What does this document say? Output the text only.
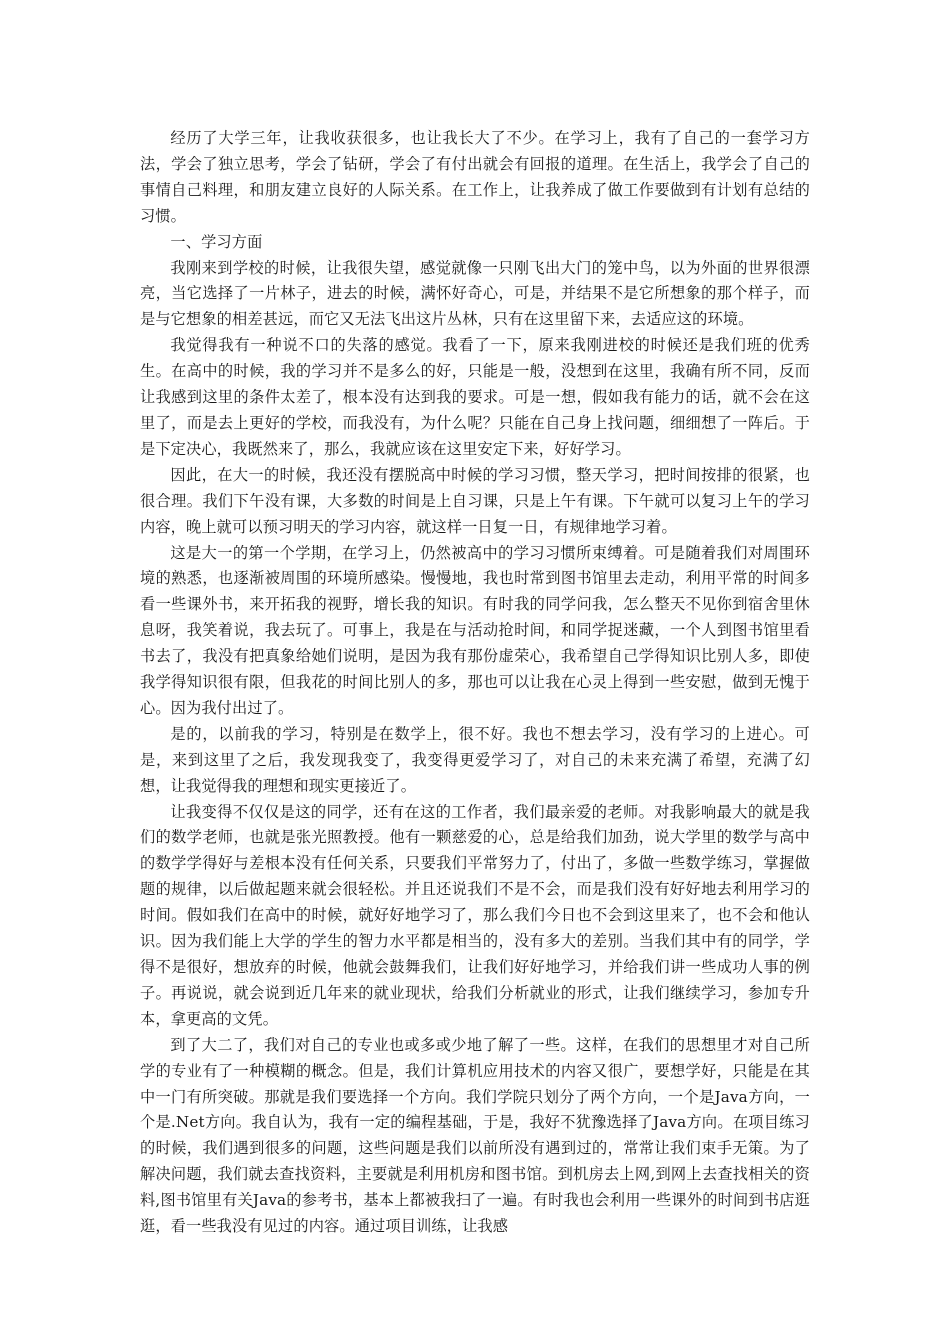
经历了大学三年，让我收获很多，也让我长大了不少。在学习上，我有了自己的一套学习方法，学会了独立思考，学会了钻研，学会了有付出就会有回报的道理。在生活上，我学会了自己的事情自己料理，和朋友建立良好的人际关系。在工作上，让我养成了做工作要做到有计划有总结的习惯。

一、学习方面

我刚来到学校的时候，让我很失望，感觉就像一只刚飞出大门的笼中鸟，以为外面的世界很漂亮，当它选择了一片林子，进去的时候，满怀好奇心，可是，并结果不是它所想象的那个样子，而是与它想象的相差甚远，而它又无法飞出这片丛林，只有在这里留下来，去适应这的环境。

我觉得我有一种说不口的失落的感觉。我看了一下，原来我刚进校的时候还是我们班的优秀生。在高中的时候，我的学习并不是多么的好，只能是一般，没想到在这里，我确有所不同，反而让我感到这里的条件太差了，根本没有达到我的要求。可是一想，假如我有能力的话，就不会在这里了，而是去上更好的学校，而我没有，为什么呢？只能在自己身上找问题，细细想了一阵后。于是下定决心，我既然来了，那么，我就应该在这里安定下来，好好学习。

因此，在大一的时候，我还没有摆脱高中时候的学习习惯，整天学习，把时间按排的很紧，也很合理。我们下午没有课，大多数的时间是上自习课，只是上午有课。下午就可以复习上午的学习内容，晚上就可以预习明天的学习内容，就这样一日复一日，有规律地学习着。

这是大一的第一个学期，在学习上，仍然被高中的学习习惯所束缚着。可是随着我们对周围环境的熟悉，也逐渐被周围的环境所感染。慢慢地，我也时常到图书馆里去走动，利用平常的时间多看一些课外书，来开拓我的视野，增长我的知识。有时我的同学问我，怎么整天不见你到宿舍里休息呀，我笑着说，我去玩了。可事上，我是在与活动抢时间，和同学捉迷藏，一个人到图书馆里看书去了，我没有把真象给她们说明，是因为我有那份虚荣心，我希望自己学得知识比别人多，即使我学得知识很有限，但我花的时间比别人的多，那也可以让我在心灵上得到一些安慰，做到无愧于心。因为我付出过了。

是的，以前我的学习，特别是在数学上，很不好。我也不想去学习，没有学习的上进心。可是，来到这里了之后，我发现我变了，我变得更爱学习了，对自己的未来充满了希望，充满了幻想，让我觉得我的理想和现实更接近了。

让我变得不仅仅是这的同学，还有在这的工作者，我们最亲爱的老师。对我影响最大的就是我们的数学老师，也就是张光照教授。他有一颗慈爱的心，总是给我们加劲，说大学里的数学与高中的数学学得好与差根本没有任何关系，只要我们平常努力了，付出了，多做一些数学练习，掌握做题的规律，以后做起题来就会很轻松。并且还说我们不是不会，而是我们没有好好地去利用学习的时间。假如我们在高中的时候，就好好地学习了，那么我们今日也不会到这里来了，也不会和他认识。因为我们能上大学的学生的智力水平都是相当的，没有多大的差别。当我们其中有的同学，学得不是很好，想放弃的时候，他就会鼓舞我们，让我们好好地学习，并给我们讲一些成功人事的例子。再说说，就会说到近几年来的就业现状，给我们分析就业的形式，让我们继续学习，参加专升本，拿更高的文凭。

到了大二了，我们对自己的专业也或多或少地了解了一些。这样，在我们的思想里才对自己所学的专业有了一种模糊的概念。但是，我们计算机应用技术的内容又很广，要想学好，只能是在其中一门有所突破。那就是我们要选择一个方向。我们学院只划分了两个方向，一个是Java方向，一个是.Net方向。我自认为，我有一定的编程基础，于是，我好不犹豫选择了Java方向。在项目练习的时候，我们遇到很多的问题，这些问题是我们以前所没有遇到过的，常常让我们束手无策。为了解决问题，我们就去查找资料，主要就是利用机房和图书馆。到机房去上网,到网上去查找相关的资料,图书馆里有关Java的参考书，基本上都被我扫了一遍。有时我也会利用一些课外的时间到书店逛逛，看一些我没有见过的内容。通过项目训练，让我感
